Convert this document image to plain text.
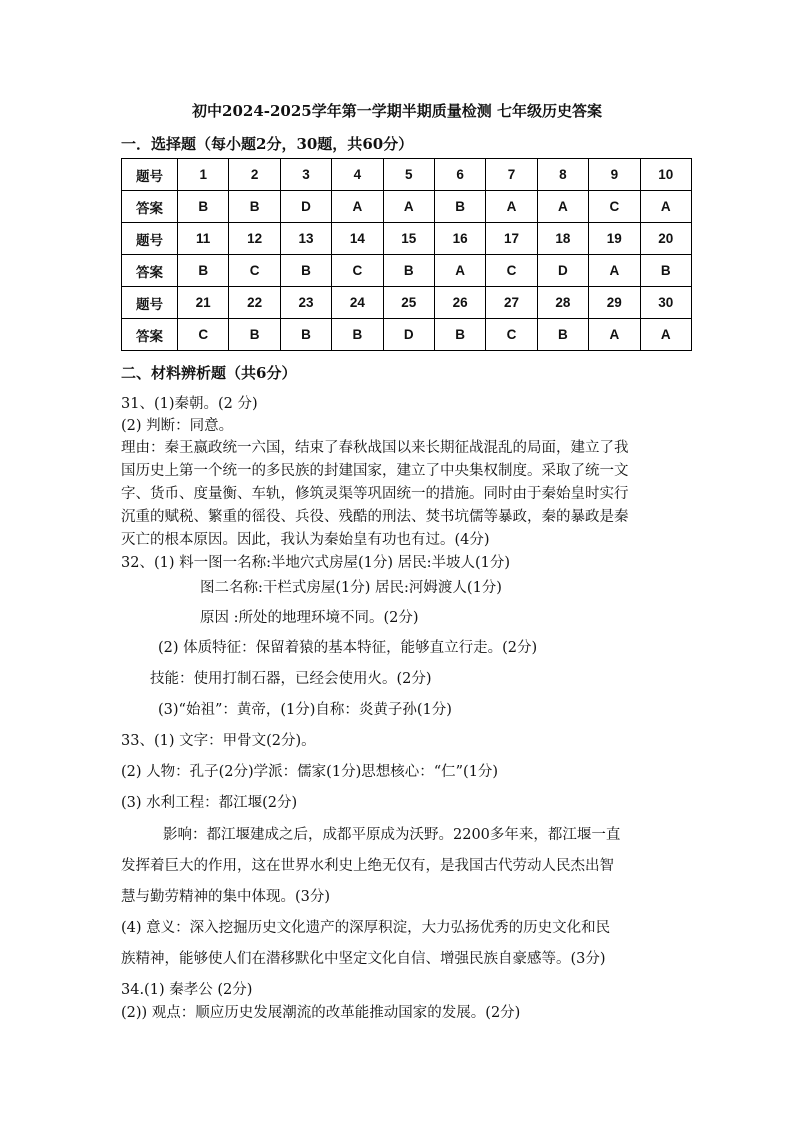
初中2024-2025学年第一学期半期质量检测 七年级历史答案
一．选择题（每小题2分，30题，共60分）
题号	1	2	3	4	5	6	7	8	9	10
答案	B	B	D	A	A	B	A	A	C	A
题号	11	12	13	14	15	16	17	18	19	20
答案	B	C	B	C	B	A	C	D	A	B
题号	21	22	23	24	25	26	27	28	29	30
答案	C	B	B	B	D	B	C	B	A	A
二、材料辨析题（共6分）
31、(1)秦朝。(2 分)
(2) 判断：同意。
理由：秦王嬴政统一六国，结束了春秋战国以来长期征战混乱的局面，建立了我
国历史上第一个统一的多民族的封建国家，建立了中央集权制度。采取了统一文
字、货币、度量衡、车轨，修筑灵渠等巩固统一的措施。同时由于秦始皇时实行
沉重的赋税、繁重的徭役、兵役、残酷的刑法、焚书坑儒等暴政，秦的暴政是秦
灭亡的根本原因。因此，我认为秦始皇有功也有过。(4分)
32、(1) 料一图一名称:半地穴式房屋(1分) 居民:半坡人(1分)
图二名称:干栏式房屋(1分) 居民:河姆渡人(1分)
原因 :所处的地理环境不同。(2分)
(2) 体质特征：保留着猿的基本特征，能够直立行走。(2分)
技能：使用打制石器，已经会使用火。(2分)
(3)“始祖”：黄帝，(1分)自称：炎黄子孙(1分)
33、(1) 文字：甲骨文(2分)。
(2) 人物：孔子(2分)学派：儒家(1分)思想核心：“仁”(1分)
(3) 水利工程：都江堰(2分)
影响：都江堰建成之后，成都平原成为沃野。2200多年来，都江堰一直
发挥着巨大的作用，这在世界水利史上绝无仅有，是我国古代劳动人民杰出智
慧与勤劳精神的集中体现。(3分)
(4) 意义：深入挖掘历史文化遗产的深厚积淀，大力弘扬优秀的历史文化和民
族精神，能够使人们在潜移默化中坚定文化自信、增强民族自豪感等。(3分)
34.(1) 秦孝公 (2分)
(2)) 观点：顺应历史发展潮流的改革能推动国家的发展。(2分)
